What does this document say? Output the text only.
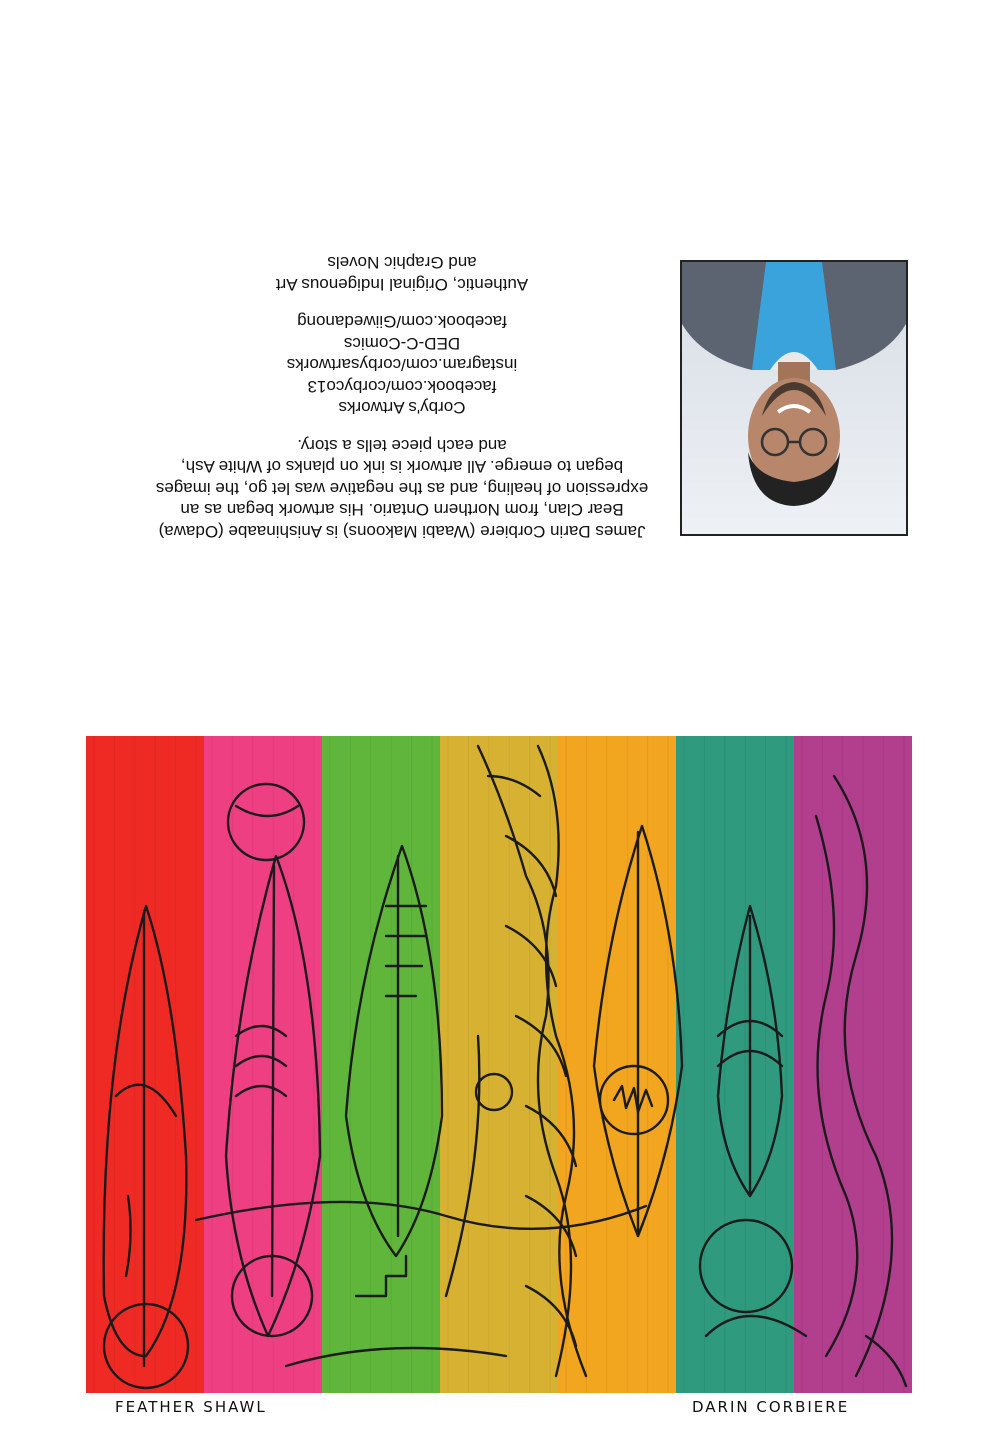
James Darin Corbiere (Waabi Makoons) is Anishinaabe (Odawa)
Bear Clan, from Northern Ontario. His artwork began as an
expression of healing, and as the negative was let go, the images
began to emerge. All artwork is ink on planks of White Ash,
and each piece tells a story.
Corby's Artworks
facebook.com/corbyco13
instagram.com/corbysartworks
DED-C-Comics
facebook.com/Giiwedanong
Authentic, Original Indigenous Art
and Graphic Novels
FEATHER SHAWL	DARIN CORBIERE
